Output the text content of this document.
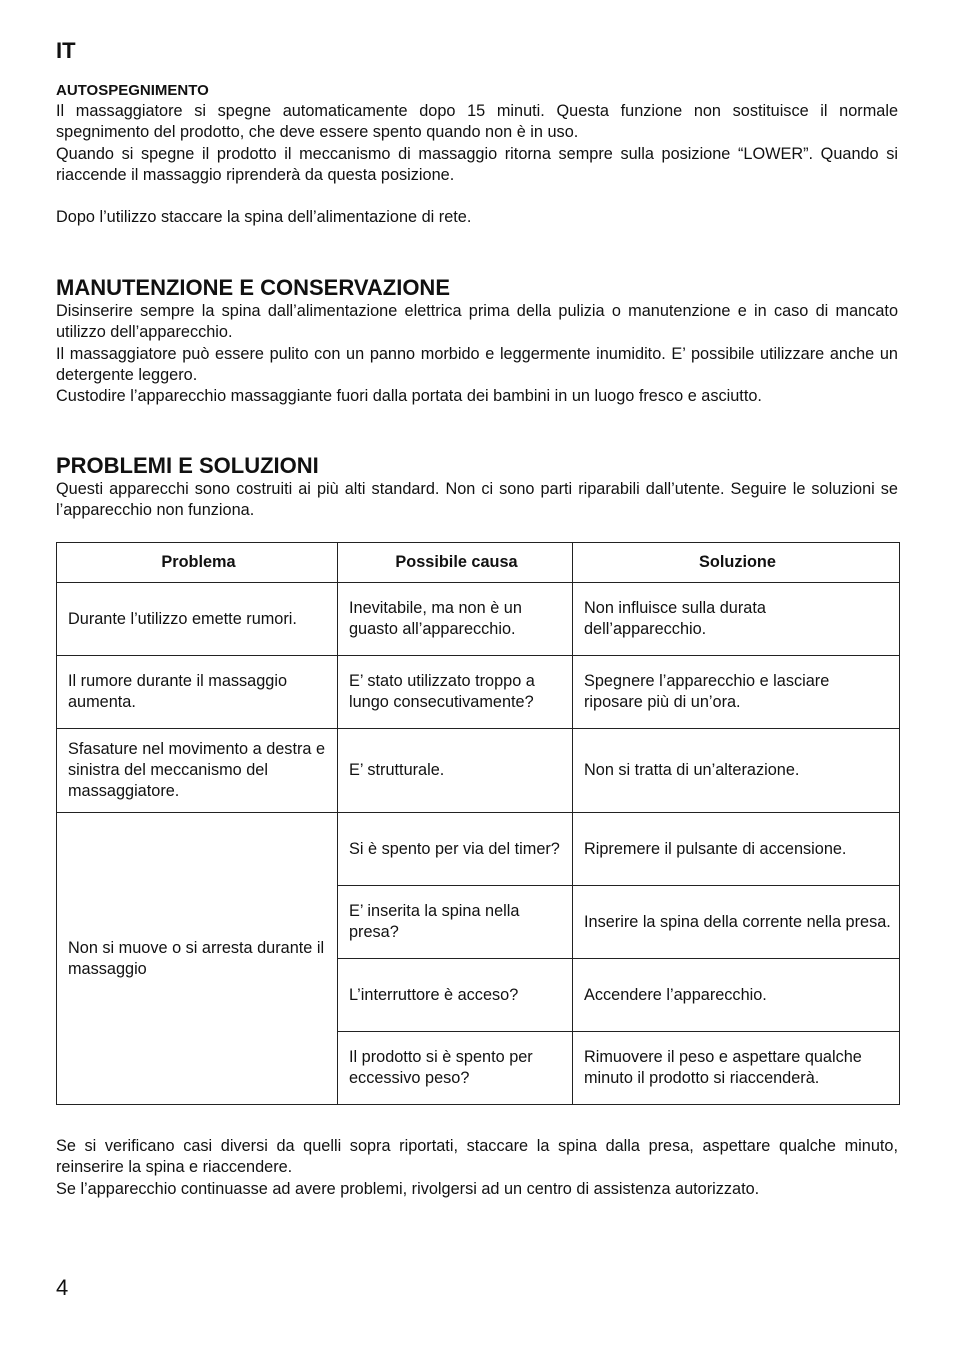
IT

AUTOSPEGNIMENTO

Il massaggiatore si spegne automaticamente dopo 15 minuti. Questa funzione non sostituisce il normale spegnimento del prodotto, che deve essere spento quando non è in uso.

Quando si spegne il prodotto il meccanismo di massaggio ritorna sempre sulla posizione “LOWER”. Quando si riaccende il massaggio riprenderà da questa posizione.

Dopo l’utilizzo staccare la spina dell’alimentazione di rete.

MANUTENZIONE E CONSERVAZIONE

Disinserire sempre la spina dall’alimentazione elettrica prima della pulizia o manutenzione e in caso di mancato utilizzo dell’apparecchio.

Il massaggiatore può essere pulito con un panno morbido e leggermente inumidito. E’ possibile utilizzare anche un detergente leggero.

Custodire l’apparecchio massaggiante fuori dalla portata dei bambini in un luogo fresco e asciutto.

PROBLEMI E SOLUZIONI

Questi apparecchi sono costruiti ai più alti standard. Non ci sono parti riparabili dall’utente. Seguire le soluzioni se l’apparecchio non funziona.

Problema	Possibile causa	Soluzione
Durante l’utilizzo emette rumori.	Inevitabile, ma non è un guasto all’apparecchio.	Non influisce sulla durata dell’apparecchio.
Il rumore durante il massaggio aumenta.	E’ stato utilizzato troppo a lungo consecutivamente?	Spegnere l’apparecchio e lasciare riposare più di un’ora.
Sfasature nel movimento a destra e sinistra del meccanismo del massaggiatore.	E’ strutturale.	Non si tratta di un’alterazione.
Non si muove o si arresta durante il massaggio	Si è spento per via del timer?	Ripremere il pulsante di accensione.
	E’ inserita la spina nella presa?	Inserire la spina della corrente nella presa.
	L’interruttore è acceso?	Accendere l’apparecchio.
	Il prodotto si è spento per eccessivo peso?	Rimuovere il peso e aspettare qualche minuto il prodotto si riaccenderà.

Se si verificano casi diversi da quelli sopra riportati, staccare la spina dalla presa, aspettare qualche minuto, reinserire la spina e riaccendere.

Se l’apparecchio continuasse ad avere problemi, rivolgersi ad un centro di assistenza autorizzato.

4
